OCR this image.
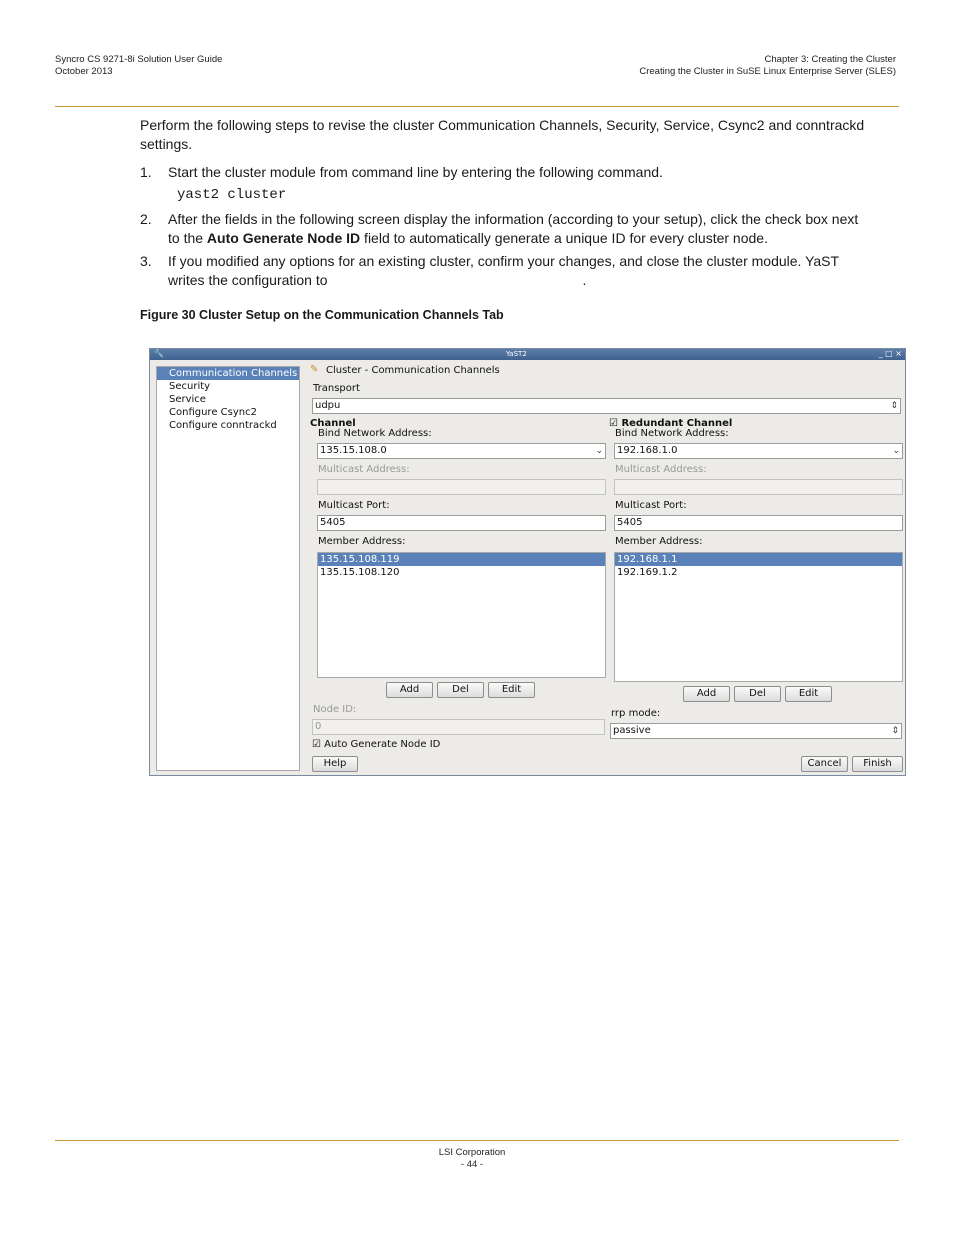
Syncro CS 9271-8i Solution User Guide
October 2013
Chapter 3: Creating the Cluster
Creating the Cluster in SuSE Linux Enterprise Server (SLES)
Perform the following steps to revise the cluster Communication Channels, Security, Service, Csync2 and conntrackd
settings.
1. Start the cluster module from command line by entering the following command.
yast2 cluster
2. After the fields in the following screen display the information (according to your setup), click the check box next
to the Auto Generate Node ID field to automatically generate a unique ID for every cluster node.
3. If you modified any options for an existing cluster, confirm your changes, and close the cluster module. YaST
writes the configuration to	.
Figure 30 Cluster Setup on the Communication Channels Tab
🔧	YaST2	_ □ ×
Communication Channels
Security
Service
Configure Csync2
Configure conntrackd
✎ Cluster - Communication Channels
Transport
udpu	⇕
Channel
Bind Network Address:
135.15.108.0	⌄
Multicast Address:
Multicast Port:
5405
Member Address:
135.15.108.119
135.15.108.120
Add	Del	Edit
☑ Redundant Channel
Bind Network Address:
192.168.1.0	⌄
Multicast Address:
Multicast Port:
5405
Member Address:
192.168.1.1
192.169.1.2
Add	Del	Edit
Node ID:
0
☑ Auto Generate Node ID
rrp mode:
passive	⇕
Help	Cancel	Finish
LSI Corporation
- 44 -
